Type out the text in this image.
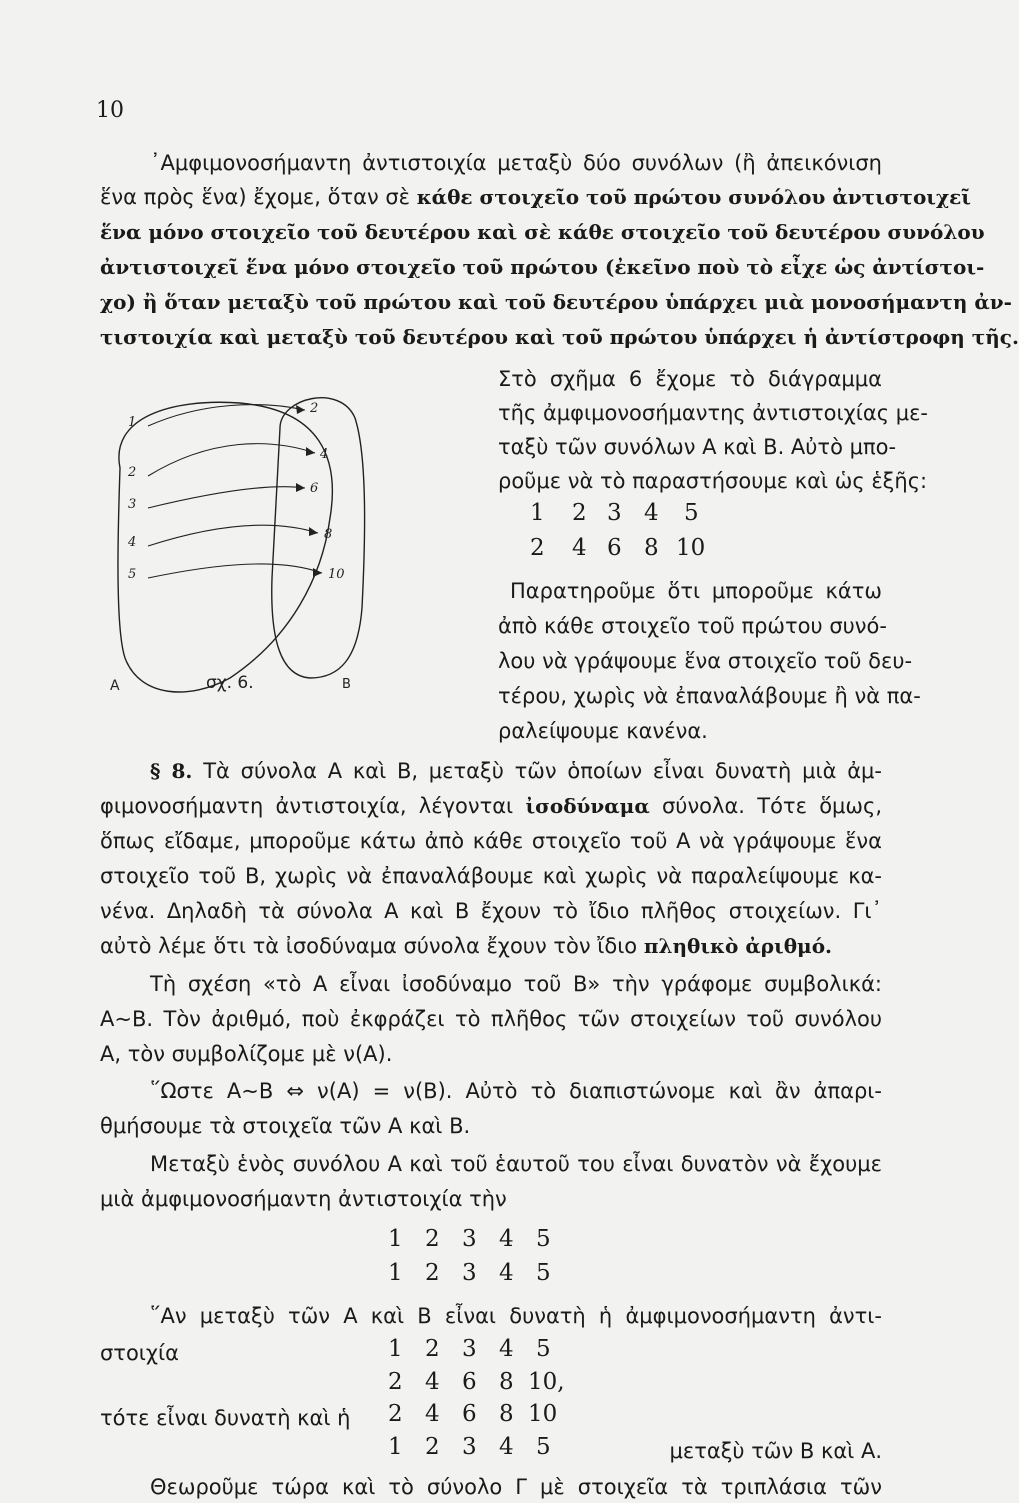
10
᾿Αμφιμονοσήμαντη ἀντιστοιχία μεταξὺ δύο συνόλων (ἢ ἀπεικόνιση
ἕνα πρὸς ἕνα) ἔχομε, ὅταν σὲ κάθε στοιχεῖο τοῦ πρώτου συνόλου ἀντιστοιχεῖ
ἕνα μόνο στοιχεῖο τοῦ δευτέρου καὶ σὲ κάθε στοιχεῖο τοῦ δευτέρου συνόλου
ἀντιστοιχεῖ ἕνα μόνο στοιχεῖο τοῦ πρώτου (ἐκεῖνο ποὺ τὸ εἶχε ὡς ἀντίστοι-
χο) ἢ ὅταν μεταξὺ τοῦ πρώτου καὶ τοῦ δευτέρου ὑπάρχει μιὰ μονοσήμαντη ἀν-
τιστοιχία καὶ μεταξὺ τοῦ δευτέρου καὶ τοῦ πρώτου ὑπάρχει ἡ ἀντίστροφη τῆς.
1
2
3
4
5
2
4
6
8
10
Α	Β
σχ. 6.
Στὸ σχῆμα 6 ἔχομε τὸ διάγραμμα
τῆς ἀμφιμονοσήμαντης ἀντιστοιχίας με-
ταξὺ τῶν συνόλων Α καὶ Β. Αὐτὸ μπο-
ροῦμε νὰ τὸ παραστήσουμε καὶ ὡς ἑξῆς:
1 2 3 4 5
2 4 6 8 10
Παρατηροῦμε ὅτι μποροῦμε κάτω
ἀπὸ κάθε στοιχεῖο τοῦ πρώτου συνό-
λου νὰ γράψουμε ἕνα στοιχεῖο τοῦ δευ-
τέρου, χωρὶς νὰ ἐπαναλάβουμε ἢ νὰ πα-
ραλείψουμε κανένα.
§ 8. Τὰ σύνολα Α καὶ Β, μεταξὺ τῶν ὁποίων εἶναι δυνατὴ μιὰ ἀμ-
φιμονοσήμαντη ἀντιστοιχία, λέγονται ἰσοδύναμα σύνολα. Τότε ὅμως,
ὅπως εἴδαμε, μποροῦμε κάτω ἀπὸ κάθε στοιχεῖο τοῦ Α νὰ γράψουμε ἕνα
στοιχεῖο τοῦ Β, χωρὶς νὰ ἐπαναλάβουμε καὶ χωρὶς νὰ παραλείψουμε κα-
νένα. Δηλαδὴ τὰ σύνολα Α καὶ Β ἔχουν τὸ ἴδιο πλῆθος στοιχείων. Γι᾿
αὐτὸ λέμε ὅτι τὰ ἰσοδύναμα σύνολα ἔχουν τὸν ἴδιο πληθικὸ ἀριθμό.
Τὴ σχέση «τὸ Α εἶναι ἰσοδύναμο τοῦ Β» τὴν γράφομε συμβολικά:
Α∼Β. Τὸν ἀριθμό, ποὺ ἐκφράζει τὸ πλῆθος τῶν στοιχείων τοῦ συνόλου
Α, τὸν συμβολίζομε μὲ ν(Α).
῞Ωστε Α∼Β ⇔ ν(Α) = ν(Β). Αὐτὸ τὸ διαπιστώνομε καὶ ἂν ἀπαρι-
θμήσουμε τὰ στοιχεῖα τῶν Α καὶ Β.
Μεταξὺ ἑνὸς συνόλου Α καὶ τοῦ ἑαυτοῦ του εἶναι δυνατὸν νὰ ἔχουμε
μιὰ ἀμφιμονοσήμαντη ἀντιστοιχία τὴν
1 2 3 4 5
1 2 3 4 5
῞Αν μεταξὺ τῶν Α καὶ Β εἶναι δυνατὴ ἡ ἀμφιμονοσήμαντη ἀντι-
στοιχία	1 2 3 4 5
2 4 6 8 10,
τότε εἶναι δυνατὴ καὶ ἡ	2 4 6 8 10
1 2 3 4 5	μεταξὺ τῶν Β καὶ Α.
Θεωροῦμε τώρα καὶ τὸ σύνολο Γ μὲ στοιχεῖα τὰ τριπλάσια τῶν
